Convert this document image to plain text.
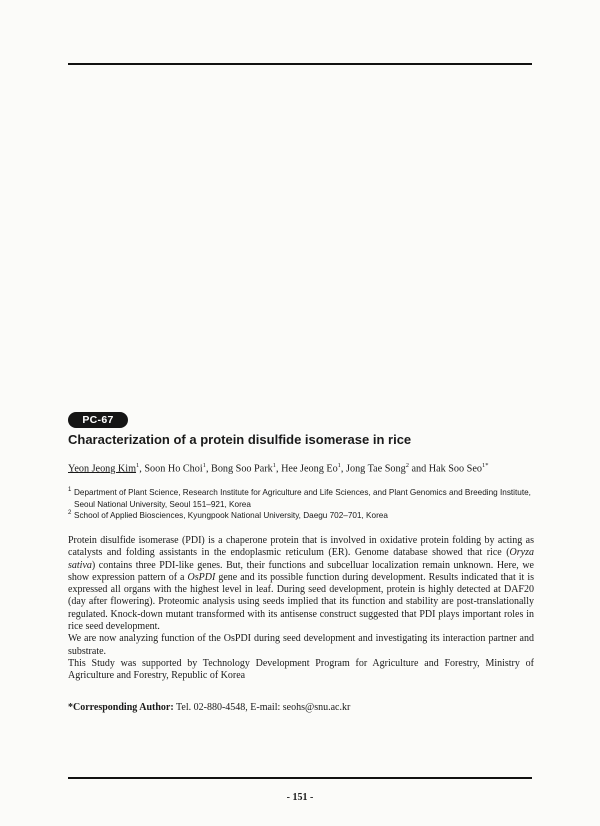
PC-67
Characterization of a protein disulfide isomerase in rice
Yeon Jeong Kim$^1$, Soon Ho Choi$^1$, Bong Soo Park$^1$, Hee Jeong Eo$^1$, Jong Tae Song$^2$ and Hak Soo Seo$^{1*}$
1 Department of Plant Science, Research Institute for Agriculture and Life Sciences, and Plant Genomics and Breeding Institute, Seoul National University, Seoul 151–921, Korea
2 School of Applied Biosciences, Kyungpook National University, Daegu 702–701, Korea

Protein disulfide isomerase (PDI) is a chaperone protein that is involved in oxidative protein folding by acting as catalysts and folding assistants in the endoplasmic reticulum (ER). Genome database showed that rice (Oryza sativa) contains three PDI-like genes. But, their functions and subcelluar localization remain unknown. Here, we show expression pattern of a OsPDI gene and its possible function during development. Results indicated that it is expressed all organs with the highest level in leaf. During seed development, protein is highly detected at DAF20 (day after flowering). Proteomic analysis using seeds implied that its function and stability are post-translationally regulated. Knock-down mutant transformed with its antisense construct suggested that PDI plays important roles in rice seed development.

We are now analyzing function of the OsPDI during seed development and investigating its interaction partner and substrate.

This Study was supported by Technology Development Program for Agriculture and Forestry, Ministry of Agriculture and Forestry, Republic of Korea

*Corresponding Author: Tel. 02-880-4548, E-mail: seohs@snu.ac.kr
- 151 -
